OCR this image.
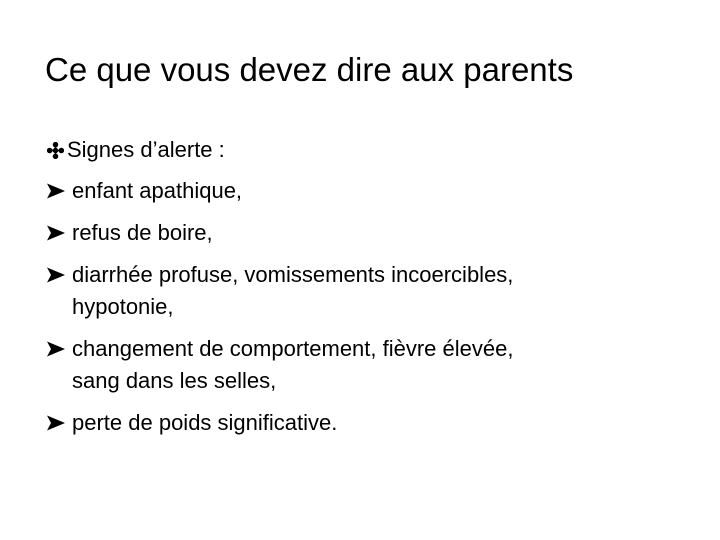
Ce que vous devez dire aux parents
Signes d’alerte :
enfant apathique,
refus de boire,
diarrhée profuse, vomissements incoercibles,
hypotonie,
changement de comportement, fièvre élevée,
sang dans les selles,
perte de poids significative.
